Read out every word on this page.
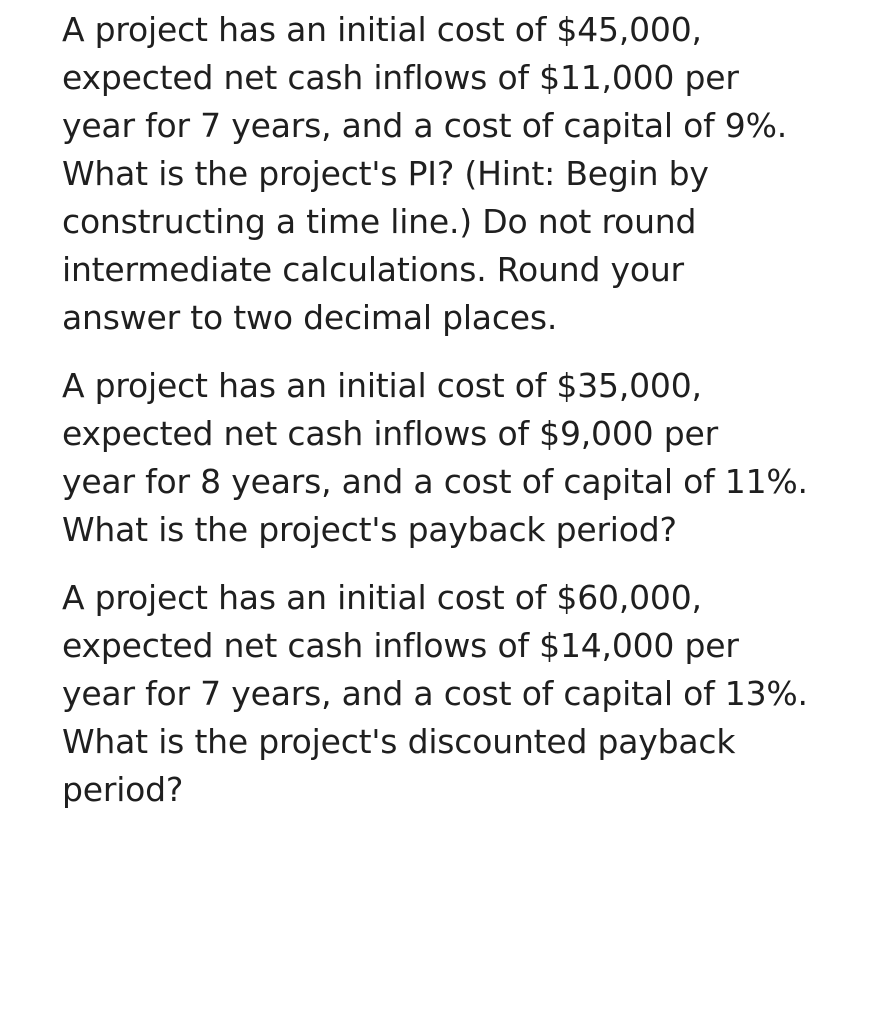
A project has an initial cost of $45,000,
expected net cash inflows of $11,000 per
year for 7 years, and a cost of capital of 9%.
What is the project's PI? (Hint: Begin by
constructing a time line.) Do not round
intermediate calculations. Round your
answer to two decimal places.
A project has an initial cost of $35,000,
expected net cash inflows of $9,000 per
year for 8 years, and a cost of capital of 11%.
What is the project's payback period?
A project has an initial cost of $60,000,
expected net cash inflows of $14,000 per
year for 7 years, and a cost of capital of 13%.
What is the project's discounted payback
period?
